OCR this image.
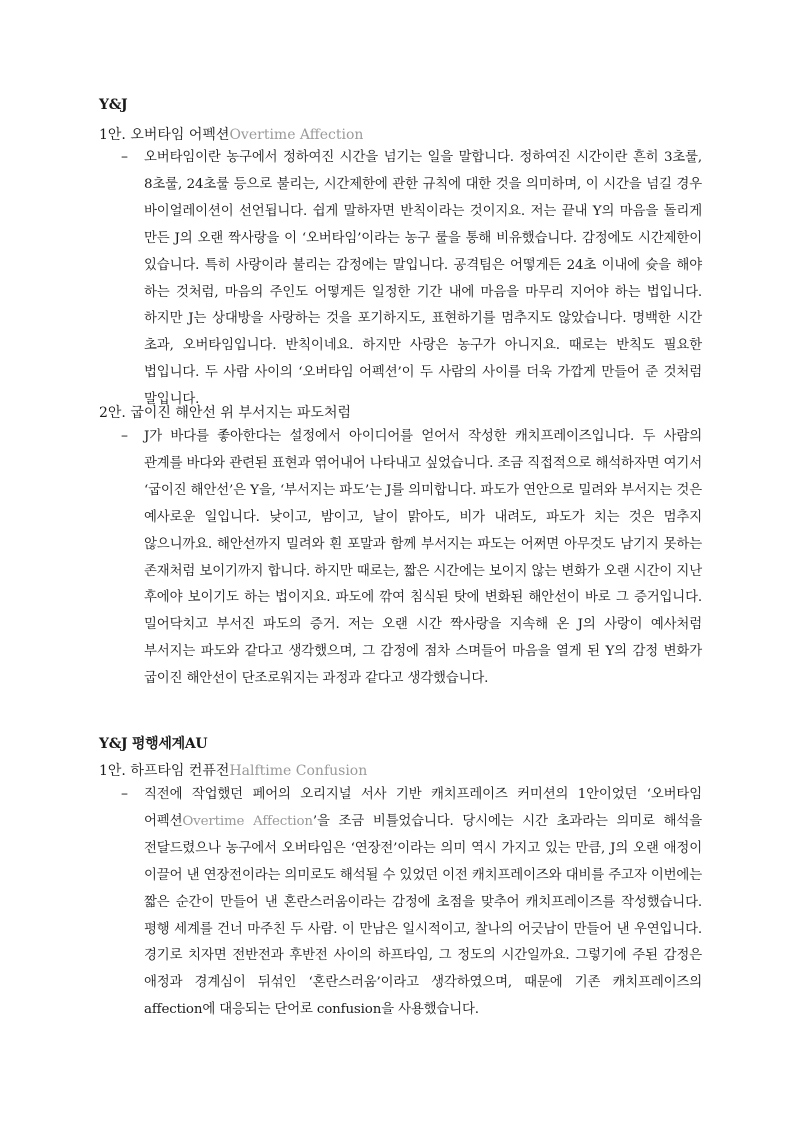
Y&J
1안. 오버타임 어펙션Overtime Affection
– 오버타임이란 농구에서 정하여진 시간을 넘기는 일을 말합니다. 정하여진 시간이란 흔히 3초룰, 8초룰, 24초룰 등으로 불리는, 시간제한에 관한 규칙에 대한 것을 의미하며, 이 시간을 넘길 경우 바이얼레이션이 선언됩니다. 쉽게 말하자면 반칙이라는 것이지요. 저는 끝내 Y의 마음을 돌리게 만든 J의 오랜 짝사랑을 이 ‘오버타임’이라는 농구 룰을 통해 비유했습니다. 감정에도 시간제한이 있습니다. 특히 사랑이라 불리는 감정에는 말입니다. 공격팀은 어떻게든 24초 이내에 슛을 해야 하는 것처럼, 마음의 주인도 어떻게든 일정한 기간 내에 마음을 마무리 지어야 하는 법입니다. 하지만 J는 상대방을 사랑하는 것을 포기하지도, 표현하기를 멈추지도 않았습니다. 명백한 시간 초과, 오버타임입니다. 반칙이네요. 하지만 사랑은 농구가 아니지요. 때로는 반칙도 필요한 법입니다. 두 사람 사이의 ‘오버타임 어펙션’이 두 사람의 사이를 더욱 가깝게 만들어 준 것처럼 말입니다.
2안. 굽이진 해안선 위 부서지는 파도처럼
– J가 바다를 좋아한다는 설정에서 아이디어를 얻어서 작성한 캐치프레이즈입니다. 두 사람의 관계를 바다와 관련된 표현과 엮어내어 나타내고 싶었습니다. 조금 직접적으로 해석하자면 여기서 ‘굽이진 해안선’은 Y을, ‘부서지는 파도’는 J를 의미합니다. 파도가 연안으로 밀려와 부서지는 것은 예사로운 일입니다. 낮이고, 밤이고, 날이 맑아도, 비가 내려도, 파도가 치는 것은 멈추지 않으니까요. 해안선까지 밀려와 흰 포말과 함께 부서지는 파도는 어쩌면 아무것도 남기지 못하는 존재처럼 보이기까지 합니다. 하지만 때로는, 짧은 시간에는 보이지 않는 변화가 오랜 시간이 지난 후에야 보이기도 하는 법이지요. 파도에 깎여 침식된 탓에 변화된 해안선이 바로 그 증거입니다. 밀어닥치고 부서진 파도의 증거. 저는 오랜 시간 짝사랑을 지속해 온 J의 사랑이 예사처럼 부서지는 파도와 같다고 생각했으며, 그 감정에 점차 스며들어 마음을 열게 된 Y의 감정 변화가 굽이진 해안선이 단조로워지는 과정과 같다고 생각했습니다.
Y&J 평행세계AU
1안. 하프타임 컨퓨전Halftime Confusion
– 직전에 작업했던 페어의 오리지널 서사 기반 캐치프레이즈 커미션의 1안이었던 ‘오버타임 어펙션Overtime Affection’을 조금 비틀었습니다. 당시에는 시간 초과라는 의미로 해석을 전달드렸으나 농구에서 오버타임은 ‘연장전’이라는 의미 역시 가지고 있는 만큼, J의 오랜 애정이 이끌어 낸 연장전이라는 의미로도 해석될 수 있었던 이전 캐치프레이즈와 대비를 주고자 이번에는 짧은 순간이 만들어 낸 혼란스러움이라는 감정에 초점을 맞추어 캐치프레이즈를 작성했습니다. 평행 세계를 건너 마주친 두 사람. 이 만남은 일시적이고, 찰나의 어긋남이 만들어 낸 우연입니다. 경기로 치자면 전반전과 후반전 사이의 하프타임, 그 정도의 시간일까요. 그렇기에 주된 감정은 애정과 경계심이 뒤섞인 ‘혼란스러움’이라고 생각하였으며, 때문에 기존 캐치프레이즈의 affection에 대응되는 단어로 confusion을 사용했습니다.
